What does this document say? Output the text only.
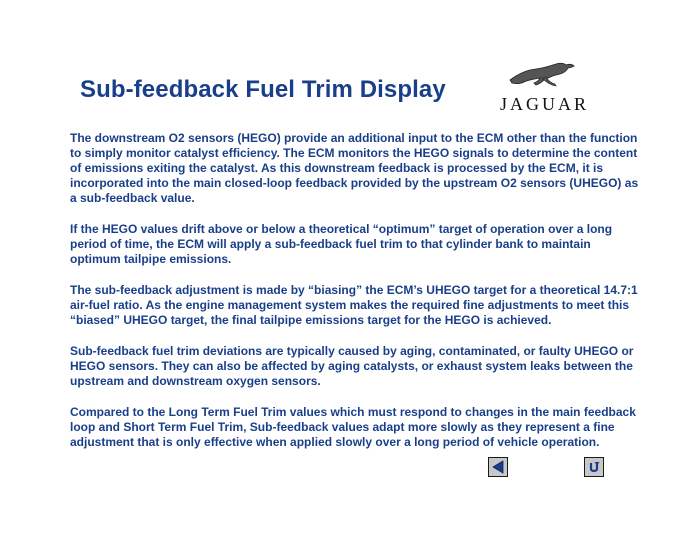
Sub-feedback Fuel Trim Display
JAGUAR

The downstream O2 sensors (HEGO) provide an additional input to the ECM other than the function to simply monitor catalyst efficiency. The ECM monitors the HEGO signals to determine the content of emissions exiting the catalyst. As this downstream feedback is processed by the ECM, it is incorporated into the main closed-loop feedback provided by the upstream O2 sensors (UHEGO) as a sub-feedback value.

If the HEGO values drift above or below a theoretical “optimum” target of operation over a long period of time, the ECM will apply a sub-feedback fuel trim to that cylinder bank to maintain optimum tailpipe emissions.

The sub-feedback adjustment is made by “biasing” the ECM’s UHEGO target for a theoretical 14.7:1 air-fuel ratio. As the engine management system makes the required fine adjustments to meet this “biased” UHEGO target, the final tailpipe emissions target for the HEGO is achieved.

Sub-feedback fuel trim deviations are typically caused by aging, contaminated, or faulty UHEGO or HEGO sensors. They can also be affected by aging catalysts, or exhaust system leaks between the upstream and downstream oxygen sensors.

Compared to the Long Term Fuel Trim values which must respond to changes in the main feedback loop and Short Term Fuel Trim, Sub-feedback values adapt more slowly as they represent a fine adjustment that is only effective when applied slowly over a long period of vehicle operation.
